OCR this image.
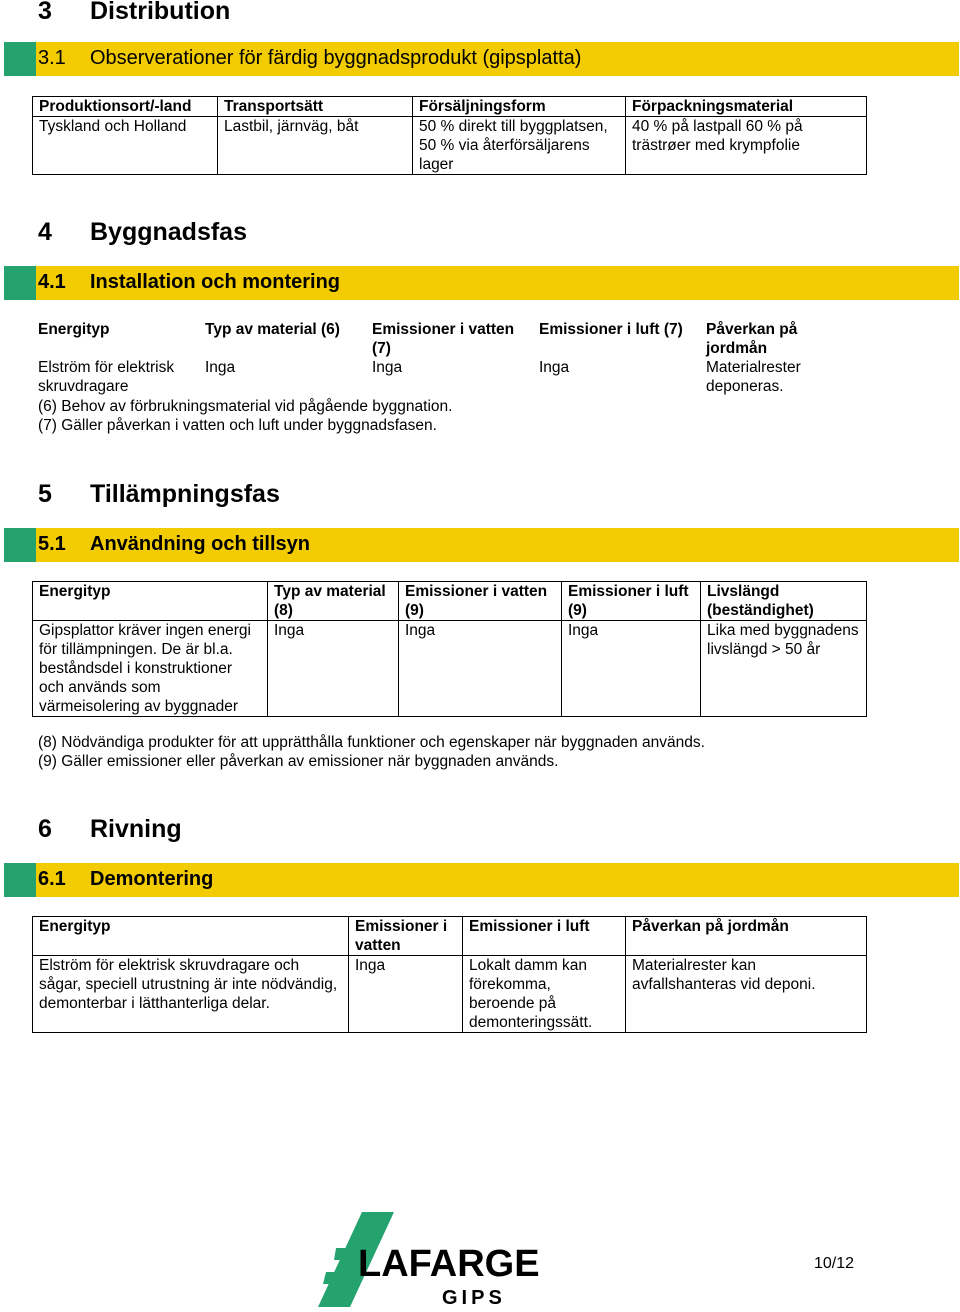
3 Distribution
3.1 Observerationer för färdig byggnadsprodukt (gipsplatta)
Produktionsort/-land	Transportsätt	Försäljningsform	Förpackningsmaterial
Tyskland och Holland	Lastbil, järnväg, båt	50 % direkt till byggplatsen, 50 % via återförsäljarens lager	40 % på lastpall 60 % på trästrøer med krympfolie
4 Byggnadsfas
4.1 Installation och montering
Energityp	Typ av material (6)	Emissioner i vatten (7)	Emissioner i luft (7)	Påverkan på jordmån
Elström för elektrisk skruvdragare	Inga	Inga	Inga	Materialrester deponeras.
(6) Behov av förbrukningsmaterial vid pågående byggnation.
(7) Gäller påverkan i vatten och luft under byggnadsfasen.
5 Tillämpningsfas
5.1 Användning och tillsyn
Energityp	Typ av material (8)	Emissioner i vatten (9)	Emissioner i luft (9)	Livslängd (beständighet)
Gipsplattor kräver ingen energi för tillämpningen. De är bl.a. beståndsdel i konstruktioner och används som värmeisolering av byggnader	Inga	Inga	Inga	Lika med byggnadens livslängd > 50 år
(8) Nödvändiga produkter för att upprätthålla funktioner och egenskaper när byggnaden används.
(9) Gäller emissioner eller påverkan av emissioner när byggnaden används.
6 Rivning
6.1 Demontering
Energityp	Emissioner i vatten	Emissioner i luft	Påverkan på jordmån
Elström för elektrisk skruvdragare och sågar, speciell utrustning är inte nödvändig, demonterbar i lätthanterliga delar.	Inga	Lokalt damm kan förekomma, beroende på demonteringssätt.	Materialrester kan avfallshanteras vid deponi.
LAFARGE
GIPS
10/12
